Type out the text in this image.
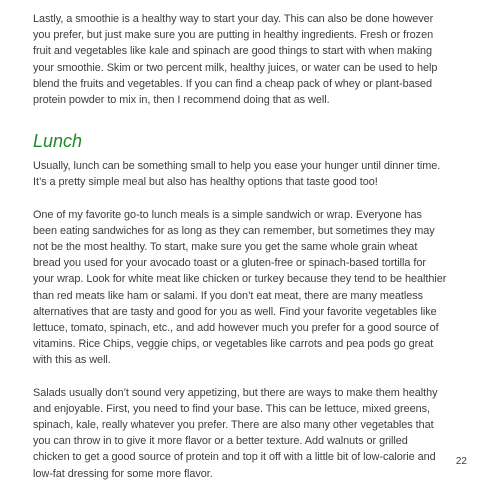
Lastly, a smoothie is a healthy way to start your day. This can also be done however you prefer, but just make sure you are putting in healthy ingredients. Fresh or frozen fruit and vegetables like kale and spinach are good things to start with when making your smoothie. Skim or two percent milk, healthy juices, or water can be used to help blend the fruits and vegetables. If you can find a cheap pack of whey or plant-based protein powder to mix in, then I recommend doing that as well.

Lunch

Usually, lunch can be something small to help you ease your hunger until dinner time. It’s a pretty simple meal but also has healthy options that taste good too!

One of my favorite go-to lunch meals is a simple sandwich or wrap. Everyone has been eating sandwiches for as long as they can remember, but sometimes they may not be the most healthy. To start, make sure you get the same whole grain wheat bread you used for your avocado toast or a gluten-free or spinach-based tortilla for your wrap. Look for white meat like chicken or turkey because they tend to be healthier than red meats like ham or salami. If you don’t eat meat, there are many meatless alternatives that are tasty and good for you as well. Find your favorite vegetables like lettuce, tomato, spinach, etc., and add however much you prefer for a good source of vitamins. Rice Chips, veggie chips, or vegetables like carrots and pea pods go great with this as well.

Salads usually don’t sound very appetizing, but there are ways to make them healthy and enjoyable. First, you need to find your base. This can be lettuce, mixed greens, spinach, kale, really whatever you prefer. There are also many other vegetables that you can throw in to give it more flavor or a better texture. Add walnuts or grilled chicken to get a good source of protein and top it off with a little bit of low-calorie and low-fat dressing for some more flavor.

22
